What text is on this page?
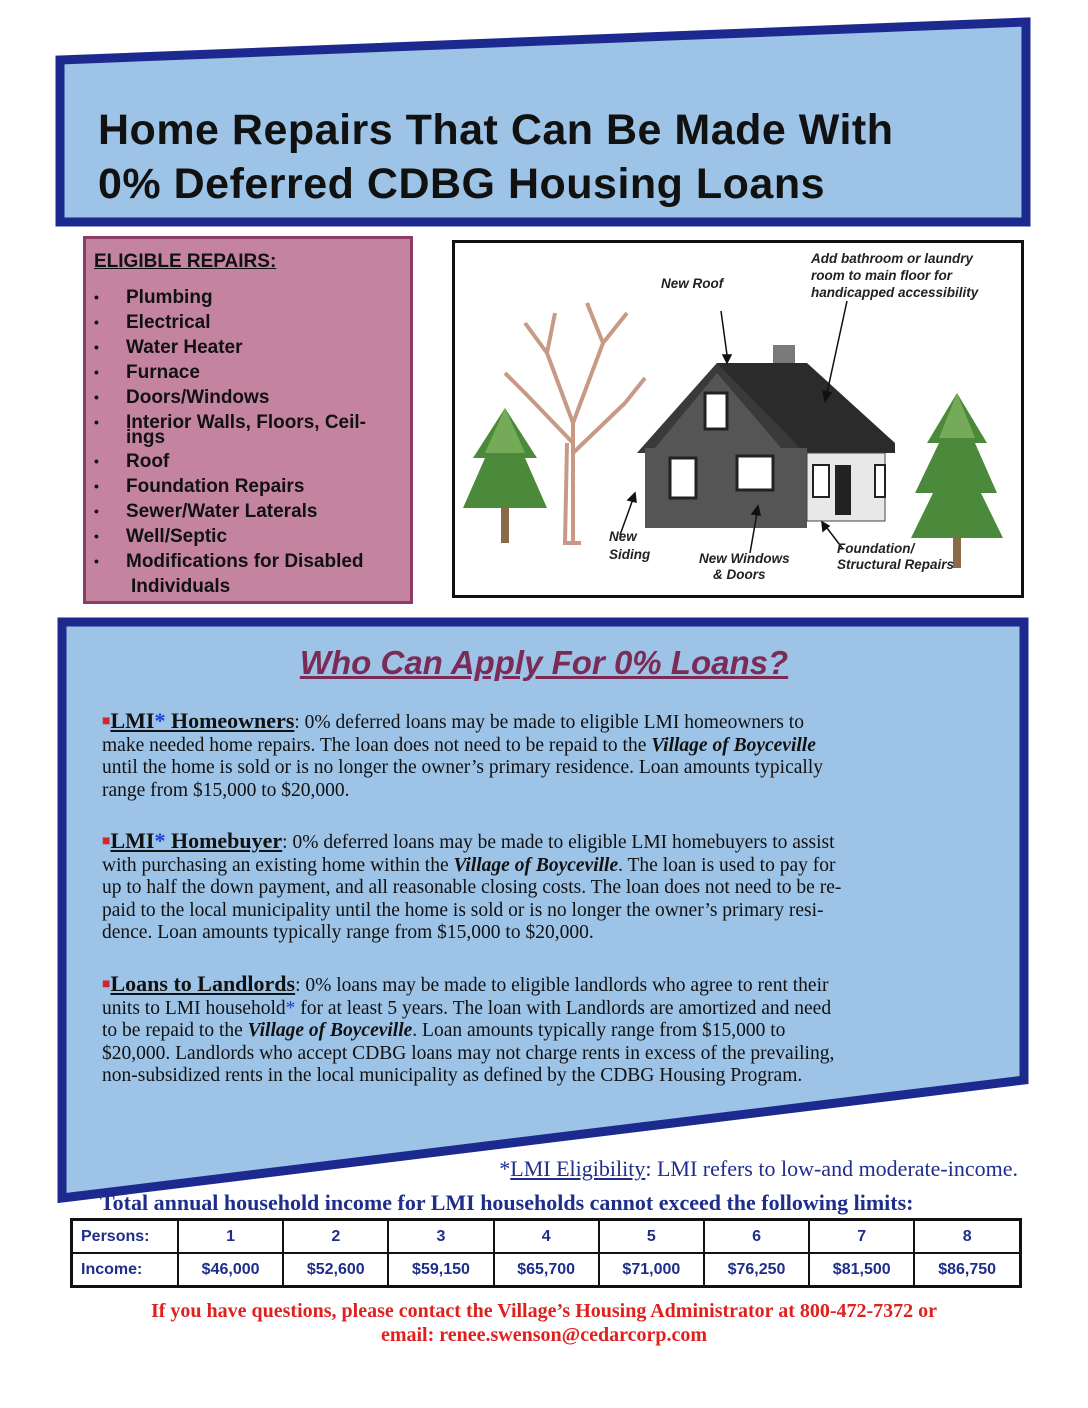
Home Repairs That Can Be Made With
0% Deferred CDBG Housing Loans
ELIGIBLE REPAIRS:
• Plumbing
• Electrical
• Water Heater
• Furnace
• Doors/Windows
• Interior Walls, Floors, Ceil-
ings
• Roof
• Foundation Repairs
• Sewer/Water Laterals
• Well/Septic
• Modifications for Disabled
Individuals
New Roof
Add bathroom or laundry
room to main floor for
handicapped accessibility
New
Siding	New Windows
& Doors
Foundation/
Structural Repairs
Who Can Apply For 0% Loans?
■LMI* Homeowners: 0% deferred loans may be made to eligible LMI homeowners to
make needed home repairs. The loan does not need to be repaid to the Village of Boyceville
until the home is sold or is no longer the owner’s primary residence. Loan amounts typically
range from $15,000 to $20,000.
■LMI* Homebuyer: 0% deferred loans may be made to eligible LMI homebuyers to assist
with purchasing an existing home within the Village of Boyceville. The loan is used to pay for
up to half the down payment, and all reasonable closing costs. The loan does not need to be re-
paid to the local municipality until the home is sold or is no longer the owner’s primary resi-
dence. Loan amounts typically range from $15,000 to $20,000.
■Loans to Landlords: 0% loans may be made to eligible landlords who agree to rent their
units to LMI household* for at least 5 years. The loan with Landlords are amortized and need
to be repaid to the Village of Boyceville. Loan amounts typically range from $15,000 to
$20,000. Landlords who accept CDBG loans may not charge rents in excess of the prevailing,
non-subsidized rents in the local municipality as defined by the CDBG Housing Program.
*LMI Eligibility: LMI refers to low-and moderate-income.
Total annual household income for LMI households cannot exceed the following limits:
Persons:	1	2	3	4	5	6	7	8
Income:	$46,000	$52,600	$59,150	$65,700	$71,000	$76,250	$81,500	$86,750
If you have questions, please contact the Village’s Housing Administrator at 800-472-7372 or
email: renee.swenson@cedarcorp.com
